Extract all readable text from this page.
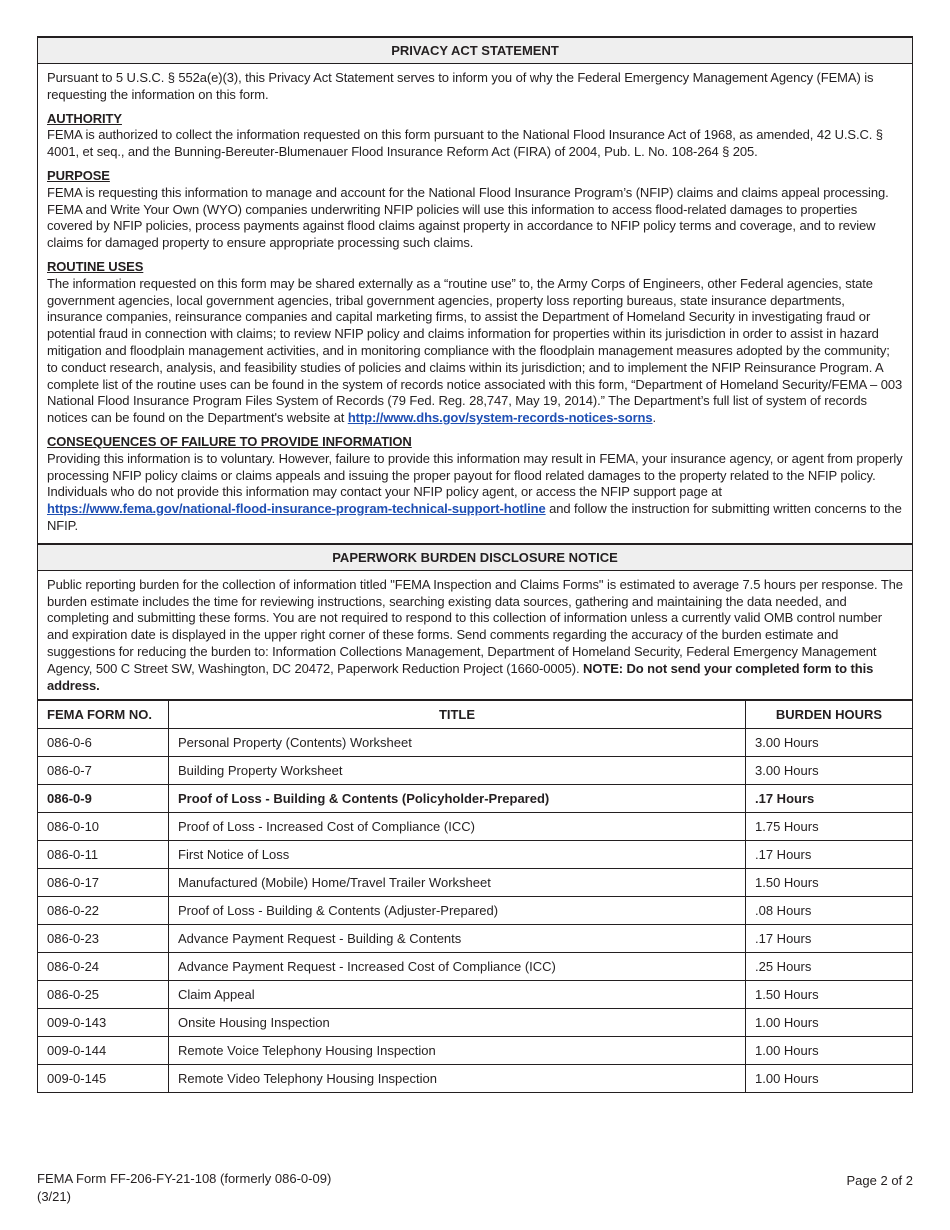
PRIVACY ACT STATEMENT

Pursuant to 5 U.S.C. § 552a(e)(3), this Privacy Act Statement serves to inform you of why the Federal Emergency Management Agency (FEMA) is requesting the information on this form.

AUTHORITY
FEMA is authorized to collect the information requested on this form pursuant to the National Flood Insurance Act of 1968, as amended, 42 U.S.C. § 4001, et seq., and the Bunning-Bereuter-Blumenauer Flood Insurance Reform Act (FIRA) of 2004, Pub. L. No. 108-264 § 205.

PURPOSE
FEMA is requesting this information to manage and account for the National Flood Insurance Program’s (NFIP) claims and claims appeal processing. FEMA and Write Your Own (WYO) companies underwriting NFIP policies will use this information to access flood-related damages to properties covered by NFIP policies, process payments against flood claims against property in accordance to NFIP policy terms and coverage, and to review claims for damaged property to ensure appropriate processing such claims.

ROUTINE USES
The information requested on this form may be shared externally as a “routine use” to, the Army Corps of Engineers, other Federal agencies, state government agencies, local government agencies, tribal government agencies, property loss reporting bureaus, state insurance departments, insurance companies, reinsurance companies and capital marketing firms, to assist the Department of Homeland Security in investigating fraud or potential fraud in connection with claims; to review NFIP policy and claims information for properties within its jurisdiction in order to assist in hazard mitigation and floodplain management activities, and in monitoring compliance with the floodplain management measures adopted by the community; to conduct research, analysis, and feasibility studies of policies and claims within its jurisdiction; and to implement the NFIP Reinsurance Program. A complete list of the routine uses can be found in the system of records notice associated with this form, “Department of Homeland Security/FEMA – 003 National Flood Insurance Program Files System of Records (79 Fed. Reg. 28,747, May 19, 2014).” The Department’s full list of system of records notices can be found on the Department's website at http://www.dhs.gov/system-records-notices-sorns.

CONSEQUENCES OF FAILURE TO PROVIDE INFORMATION
Providing this information is to voluntary. However, failure to provide this information may result in FEMA, your insurance agency, or agent from properly processing NFIP policy claims or claims appeals and issuing the proper payout for flood related damages to the property related to the NFIP policy. Individuals who do not provide this information may contact your NFIP policy agent, or access the NFIP support page at https://www.fema.gov/national-flood-insurance-program-technical-support-hotline and follow the instruction for submitting written concerns to the NFIP.

PAPERWORK BURDEN DISCLOSURE NOTICE
Public reporting burden for the collection of information titled "FEMA Inspection and Claims Forms" is estimated to average 7.5 hours per response. The burden estimate includes the time for reviewing instructions, searching existing data sources, gathering and maintaining the data needed, and completing and submitting these forms. You are not required to respond to this collection of information unless a currently valid OMB control number and expiration date is displayed in the upper right corner of these forms. Send comments regarding the accuracy of the burden estimate and suggestions for reducing the burden to: Information Collections Management, Department of Homeland Security, Federal Emergency Management Agency, 500 C Street SW, Washington, DC 20472, Paperwork Reduction Project (1660-0005). NOTE: Do not send your completed form to this address.
FEMA FORM NO.	TITLE	BURDEN HOURS
086-0-6	Personal Property (Contents) Worksheet	3.00 Hours
086-0-7	Building Property Worksheet	3.00 Hours
086-0-9	Proof of Loss - Building & Contents (Policyholder-Prepared)	.17 Hours
086-0-10	Proof of Loss - Increased Cost of Compliance (ICC)	1.75 Hours
086-0-11	First Notice of Loss	.17 Hours
086-0-17	Manufactured (Mobile) Home/Travel Trailer Worksheet	1.50 Hours
086-0-22	Proof of Loss - Building & Contents (Adjuster-Prepared)	.08 Hours
086-0-23	Advance Payment Request - Building & Contents	.17 Hours
086-0-24	Advance Payment Request - Increased Cost of Compliance (ICC)	.25 Hours
086-0-25	Claim Appeal	1.50 Hours
009-0-143	Onsite Housing Inspection	1.00 Hours
009-0-144	Remote Voice Telephony Housing Inspection	1.00 Hours
009-0-145	Remote Video Telephony Housing Inspection	1.00 Hours
FEMA Form FF-206-FY-21-108 (formerly 086-0-09)
(3/21)
Page 2 of 2
